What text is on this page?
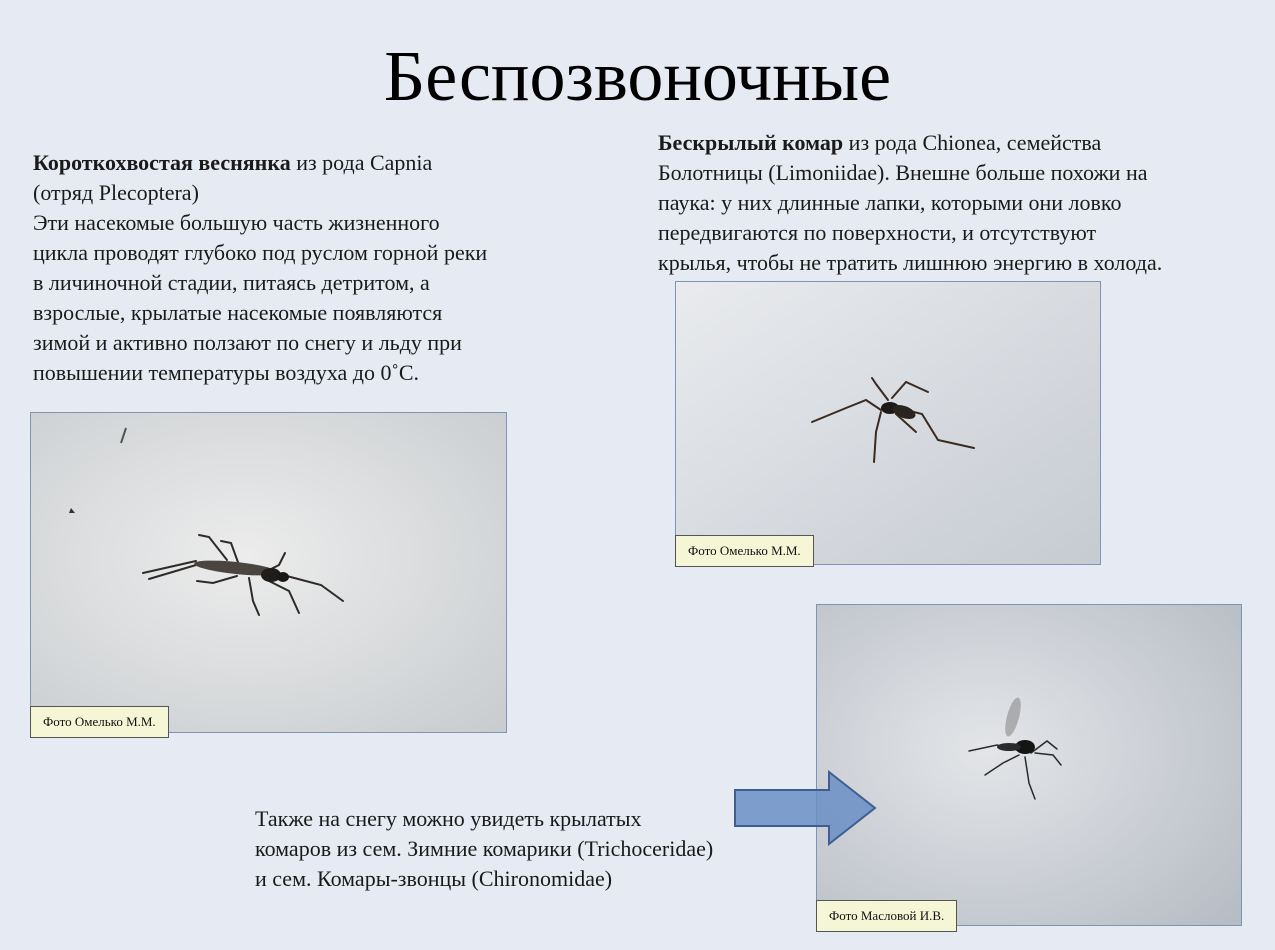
Беспозвоночные
Короткохвостая веснянка из рода Capnia
(отряд Plecoptera)
Эти насекомые большую часть жизненного
цикла проводят глубоко под руслом горной реки
в личиночной стадии, питаясь детритом, а
взрослые, крылатые насекомые появляются
зимой и активно ползают по снегу и льду при
повышении температуры воздуха до 0˚С.
Бескрылый комар из рода Chionea, семейства
Болотницы (Limoniidae). Внешне больше похожи на
паука: у них длинные лапки, которыми они ловко
передвигаются по поверхности, и отсутствуют
крылья, чтобы не тратить лишнюю энергию в холода.
Фото Омелько М.М.
Фото Омелько М.М.
Фото Масловой И.В.
Также на снегу можно увидеть крылатых
комаров из сем. Зимние комарики (Trichoceridae)
и сем. Комары-звонцы (Chironomidae)
